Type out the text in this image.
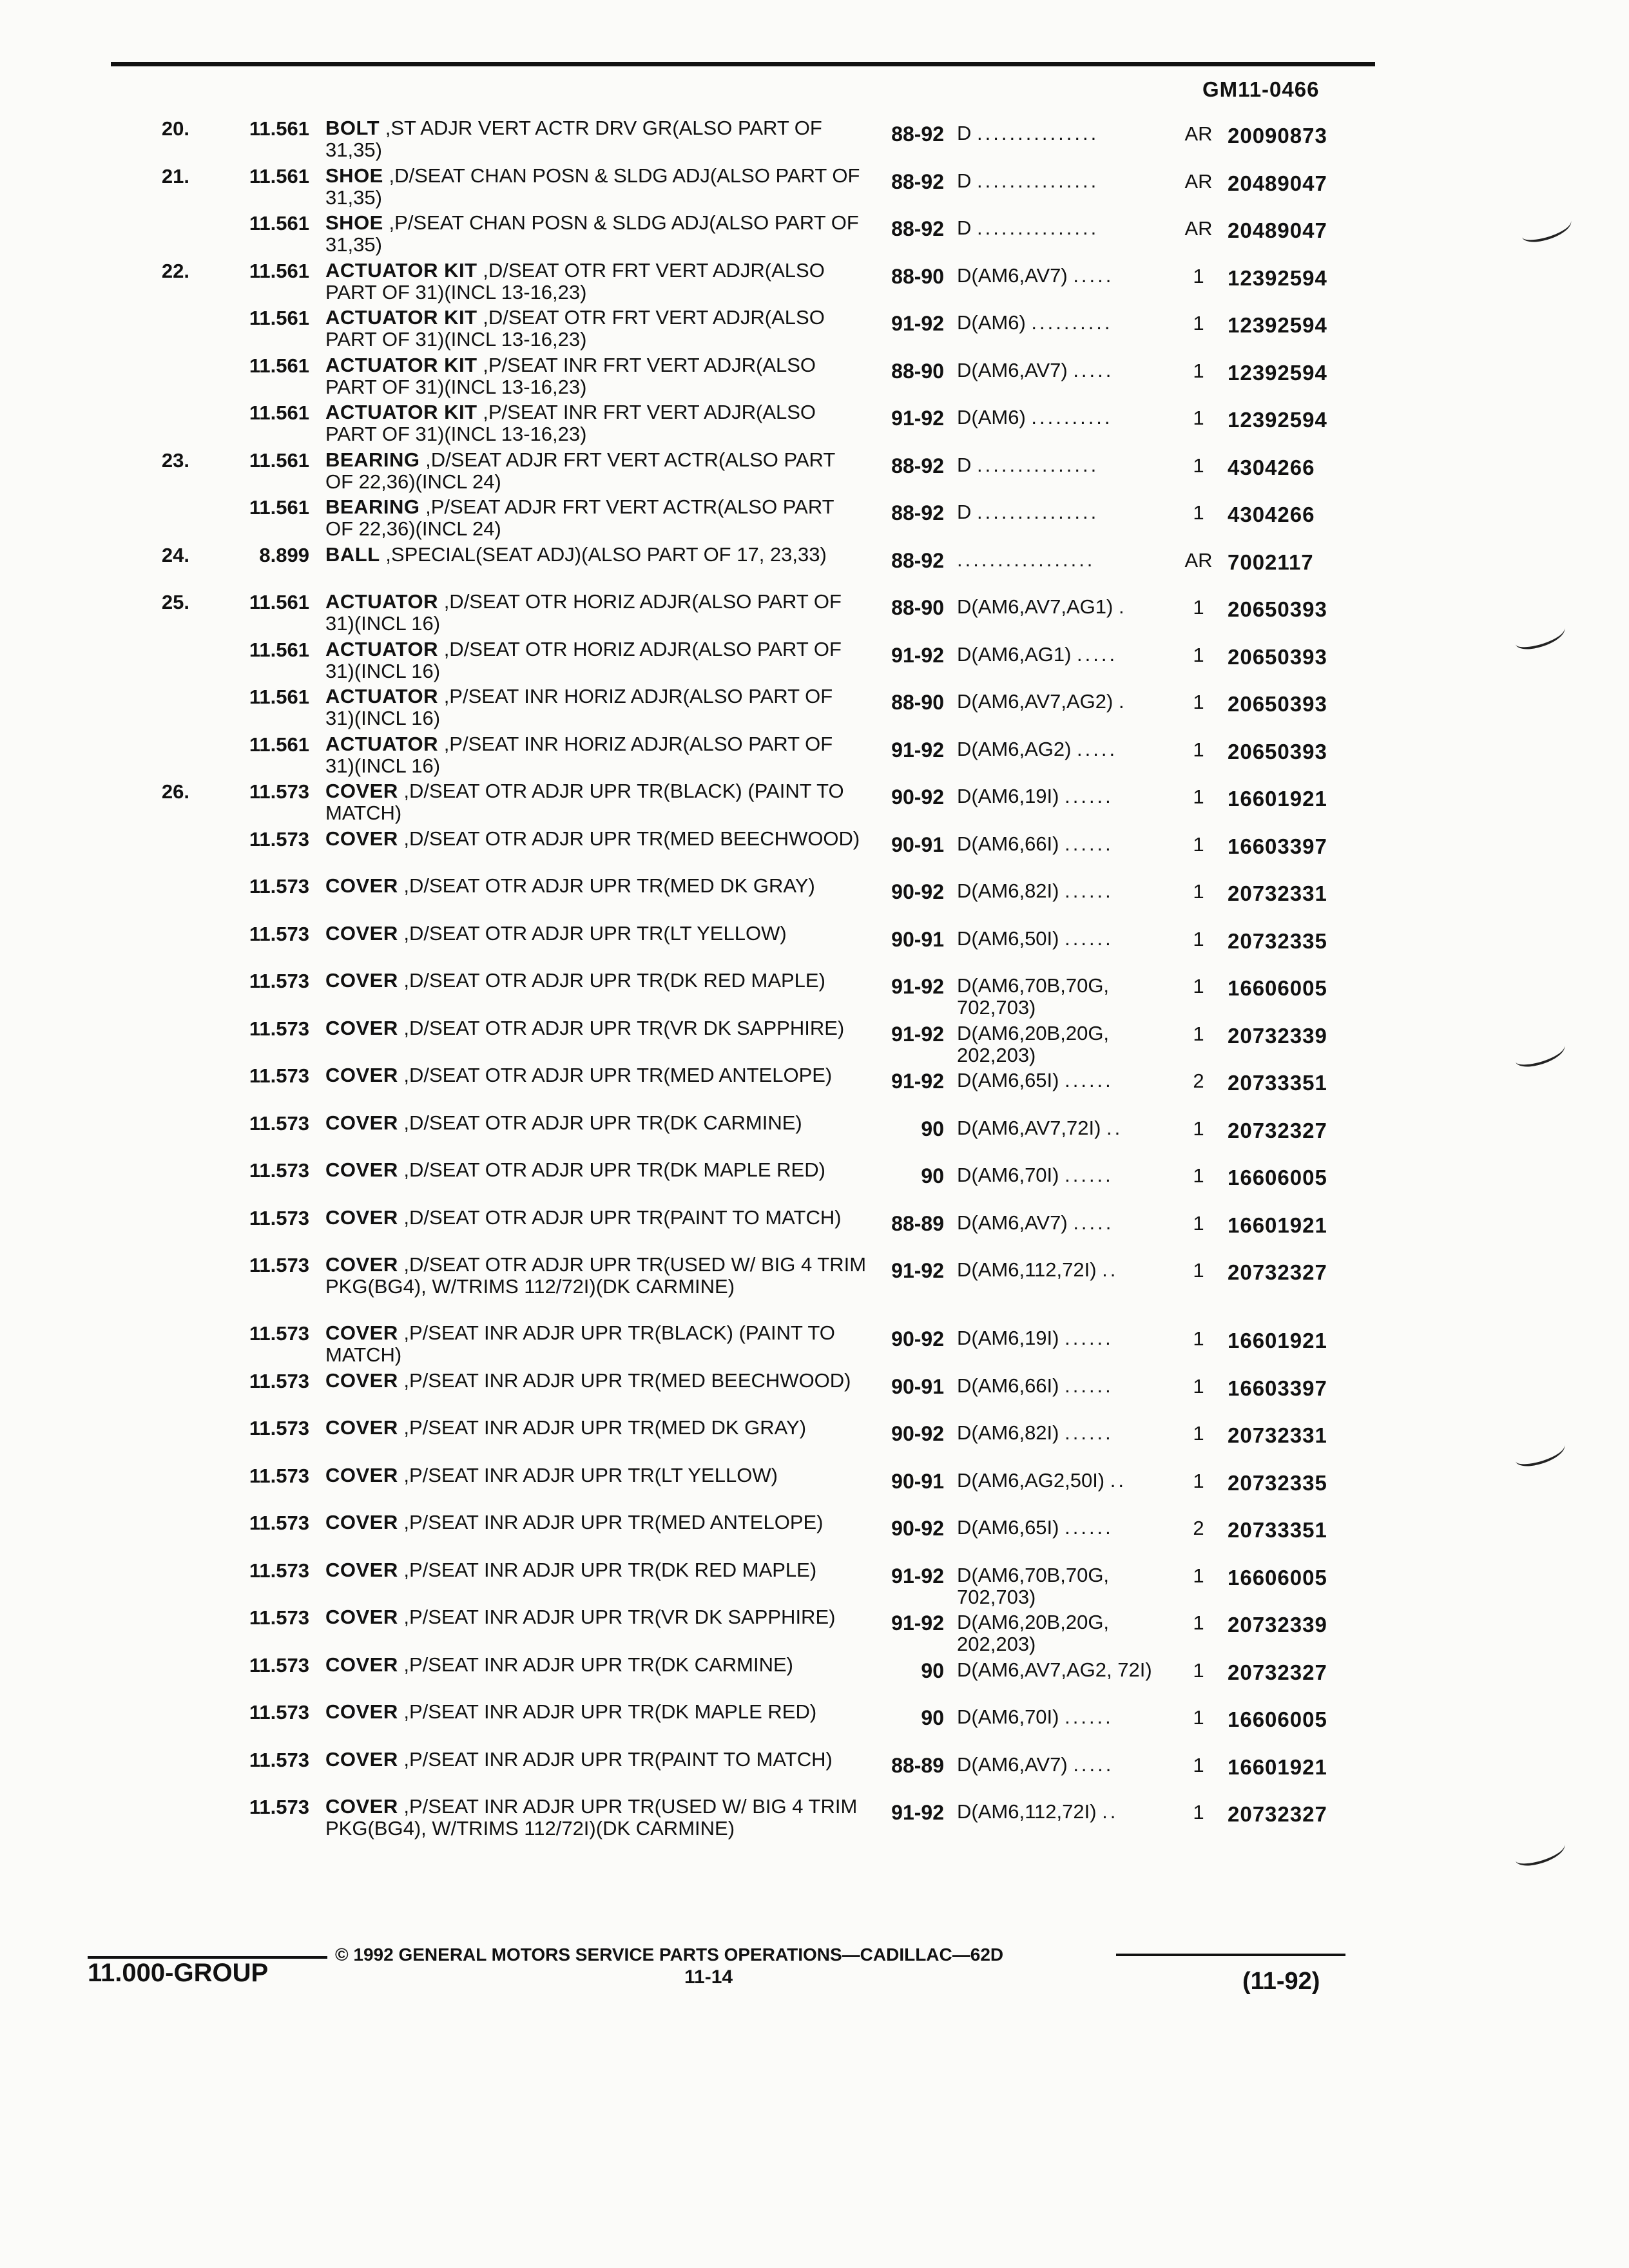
GM11-0466
20.	11.561 BOLT ,ST ADJR VERT ACTR DRV GR(ALSO PART OF 31,35)
88-92 D ...............	AR 20090873
21.	11.561 SHOE ,D/SEAT CHAN POSN & SLDG ADJ(ALSO PART OF 31,35)
88-92 D ...............	AR 20489047
11.561 SHOE ,P/SEAT CHAN POSN & SLDG ADJ(ALSO PART OF 31,35)
88-92 D ...............	AR 20489047
22.	11.561 ACTUATOR KIT ,D/SEAT OTR FRT VERT ADJR(ALSO PART OF 31)(INCL 13-16,23)
88-90 D(AM6,AV7) .....	1	12392594
11.561 ACTUATOR KIT ,D/SEAT OTR FRT VERT ADJR(ALSO PART OF 31)(INCL 13-16,23)
91-92 D(AM6) ..........	1	12392594
11.561 ACTUATOR KIT ,P/SEAT INR FRT VERT ADJR(ALSO PART OF 31)(INCL 13-16,23)
88-90 D(AM6,AV7) .....	1	12392594
11.561 ACTUATOR KIT ,P/SEAT INR FRT VERT ADJR(ALSO PART OF 31)(INCL 13-16,23)
91-92 D(AM6) ..........	1	12392594
23.	11.561 BEARING ,D/SEAT ADJR FRT VERT ACTR(ALSO PART OF 22,36)(INCL 24)
88-92 D ...............	1	4304266
11.561 BEARING ,P/SEAT ADJR FRT VERT ACTR(ALSO PART OF 22,36)(INCL 24)
88-92 D ...............	1	4304266
24.	8.899 BALL ,SPECIAL(SEAT ADJ)(ALSO PART OF 17, 23,33)	88-92 .................	AR 7002117
25.	11.561 ACTUATOR ,D/SEAT OTR HORIZ ADJR(ALSO PART OF 31)(INCL 16)
88-90 D(AM6,AV7,AG1) .	1	20650393
11.561 ACTUATOR ,D/SEAT OTR HORIZ ADJR(ALSO PART OF 31)(INCL 16)
91-92 D(AM6,AG1) .....	1	20650393
11.561 ACTUATOR ,P/SEAT INR HORIZ ADJR(ALSO PART OF 31)(INCL 16)
88-90 D(AM6,AV7,AG2) .	1	20650393
11.561 ACTUATOR ,P/SEAT INR HORIZ ADJR(ALSO PART OF 31)(INCL 16)
91-92 D(AM6,AG2) .....	1	20650393
26.	11.573 COVER ,D/SEAT OTR ADJR UPR TR(BLACK) (PAINT TO MATCH)
90-92 D(AM6,19I) ......	1	16601921
11.573 COVER ,D/SEAT OTR ADJR UPR TR(MED BEECHWOOD)	90-91 D(AM6,66I) ......	1	16603397
11.573 COVER ,D/SEAT OTR ADJR UPR TR(MED DK GRAY)	90-92 D(AM6,82I) ......	1	20732331
11.573 COVER ,D/SEAT OTR ADJR UPR TR(LT YELLOW)	90-91 D(AM6,50I) ......	1	20732335
11.573 COVER ,D/SEAT OTR ADJR UPR TR(DK RED MAPLE)	91-92 D(AM6,70B,70G, 702,703)
1	16606005
11.573 COVER ,D/SEAT OTR ADJR UPR TR(VR DK SAPPHIRE)	91-92 D(AM6,20B,20G, 202,203)
1	20732339
11.573 COVER ,D/SEAT OTR ADJR UPR TR(MED ANTELOPE)	91-92 D(AM6,65I) ......	2	20733351
11.573 COVER ,D/SEAT OTR ADJR UPR TR(DK CARMINE)	90 D(AM6,AV7,72I) ..	1	20732327
11.573 COVER ,D/SEAT OTR ADJR UPR TR(DK MAPLE RED)	90 D(AM6,70I) ......	1	16606005
11.573 COVER ,D/SEAT OTR ADJR UPR TR(PAINT TO MATCH)	88-89 D(AM6,AV7) .....	1	16601921
11.573 COVER ,D/SEAT OTR ADJR UPR TR(USED W/ BIG 4 TRIM PKG(BG4), W/TRIMS 112/72I)(DK CARMINE)
91-92 D(AM6,112,72I) ..	1	20732327
11.573 COVER ,P/SEAT INR ADJR UPR TR(BLACK) (PAINT TO MATCH)
90-92 D(AM6,19I) ......	1	16601921
11.573 COVER ,P/SEAT INR ADJR UPR TR(MED BEECHWOOD)	90-91 D(AM6,66I) ......	1	16603397
11.573 COVER ,P/SEAT INR ADJR UPR TR(MED DK GRAY)	90-92 D(AM6,82I) ......	1	20732331
11.573 COVER ,P/SEAT INR ADJR UPR TR(LT YELLOW)	90-91 D(AM6,AG2,50I) ..	1	20732335
11.573 COVER ,P/SEAT INR ADJR UPR TR(MED ANTELOPE)	90-92 D(AM6,65I) ......	2	20733351
11.573 COVER ,P/SEAT INR ADJR UPR TR(DK RED MAPLE)	91-92 D(AM6,70B,70G, 702,703)
1	16606005
11.573 COVER ,P/SEAT INR ADJR UPR TR(VR DK SAPPHIRE)	91-92 D(AM6,20B,20G, 202,203)
1	20732339
11.573 COVER ,P/SEAT INR ADJR UPR TR(DK CARMINE)	90 D(AM6,AV7,AG2, 72I)	1	20732327
11.573 COVER ,P/SEAT INR ADJR UPR TR(DK MAPLE RED)	90 D(AM6,70I) ......	1	16606005
11.573 COVER ,P/SEAT INR ADJR UPR TR(PAINT TO MATCH)	88-89 D(AM6,AV7) .....	1	16601921
11.573 COVER ,P/SEAT INR ADJR UPR TR(USED W/ BIG 4 TRIM PKG(BG4), W/TRIMS 112/72I)(DK CARMINE)
91-92 D(AM6,112,72I) ..	1	20732327
11.000-GROUP
© 1992 GENERAL MOTORS SERVICE PARTS OPERATIONS—CADILLAC—62D
11-14	(11-92)
